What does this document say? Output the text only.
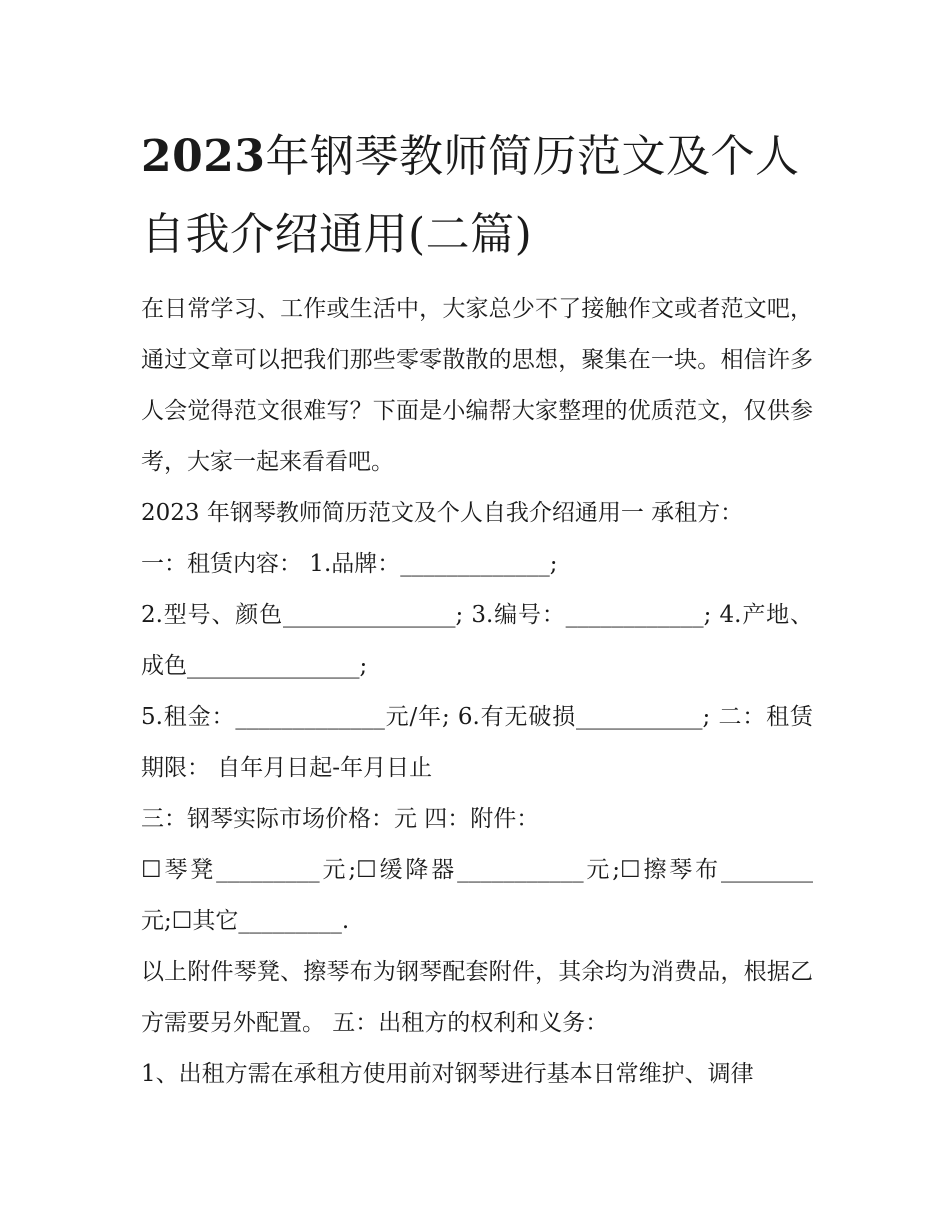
2023年钢琴教师简历范文及个人自我介绍通用(二篇)

在日常学习、工作或生活中，大家总少不了接触作文或者范文吧，通过文章可以把我们那些零零散散的思想，聚集在一块。相信许多人会觉得范文很难写？下面是小编帮大家整理的优质范文，仅供参考，大家一起来看看吧。

2023 年钢琴教师简历范文及个人自我介绍通用一 承租方：

一：租赁内容： 1.品牌：_____________;

2.型号、颜色_______________; 3.编号：____________; 4.产地、成色_______________;

5.租金：_____________元/年; 6.有无破损___________; 二：租赁期限： 自年月日起-年月日止

三：钢琴实际市场价格：元 四：附件：

☐琴凳_________元;☐缓降器___________元;☐擦琴布________元;☐其它_________.

以上附件琴凳、擦琴布为钢琴配套附件，其余均为消费品，根据乙方需要另外配置。 五：出租方的权利和义务：

1、出租方需在承租方使用前对钢琴进行基本日常维护、调律
